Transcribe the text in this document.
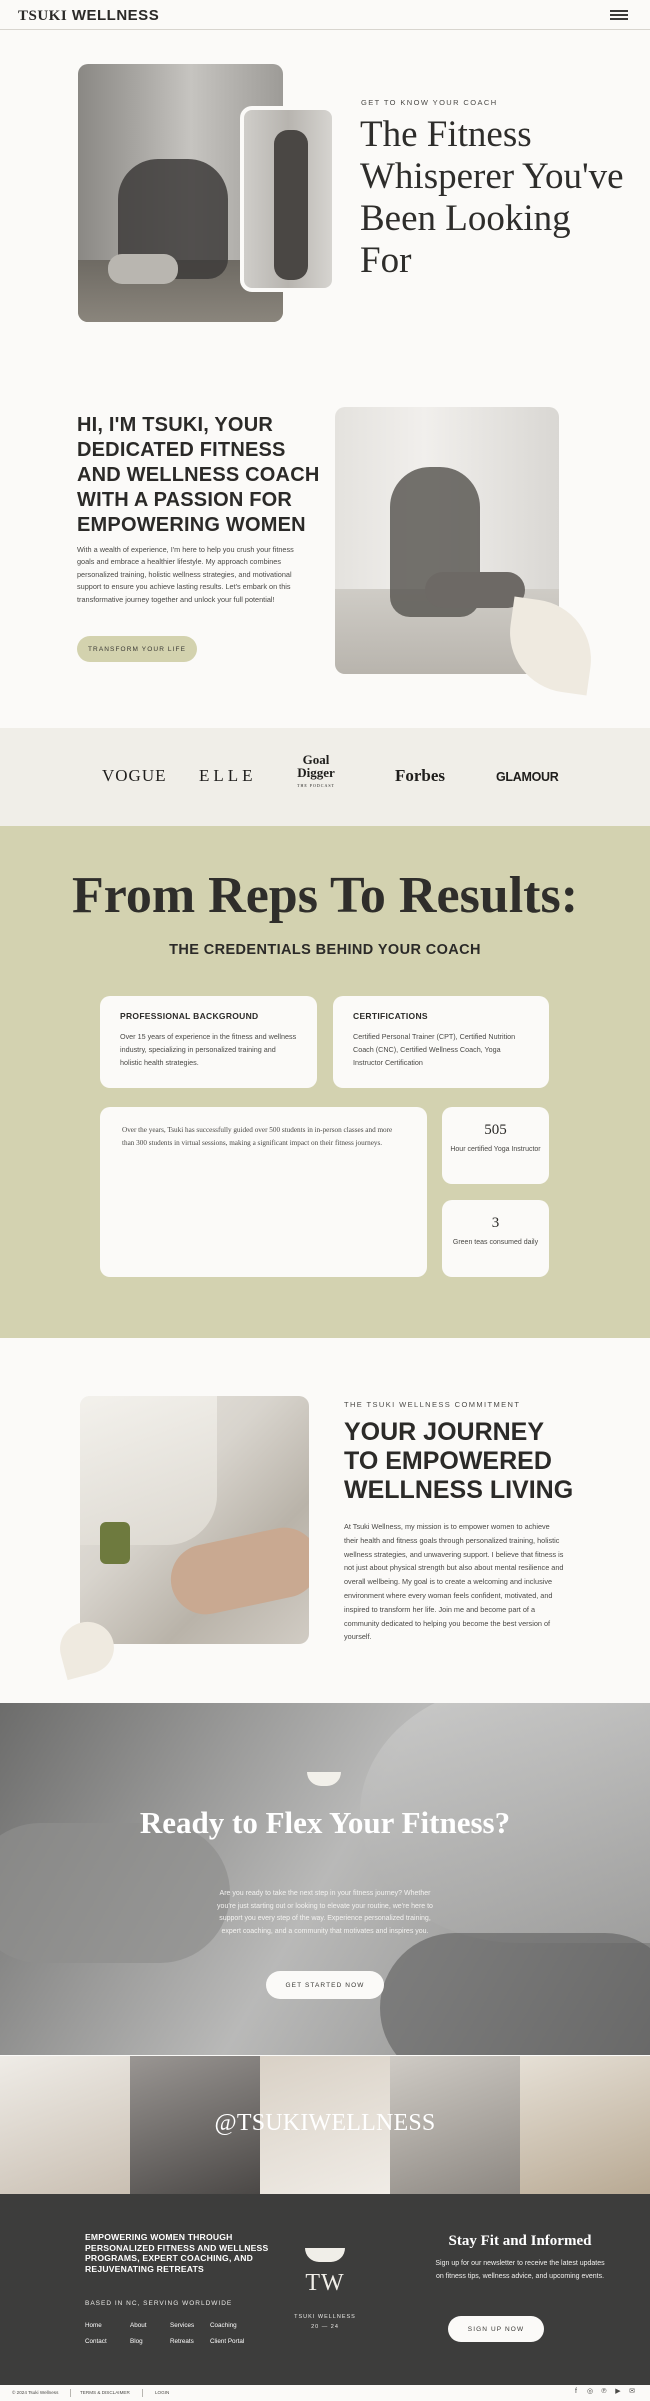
TSUKI WELLNESS
GET TO KNOW YOUR COACH
The Fitness Whisperer You've Been Looking For
HI, I'M TSUKI, YOUR DEDICATED FITNESS AND WELLNESS COACH WITH A PASSION FOR EMPOWERING WOMEN

With a wealth of experience, I'm here to help you crush your fitness goals and embrace a healthier lifestyle. My approach combines personalized training, holistic wellness strategies, and motivational support to ensure you achieve lasting results. Let's embark on this transformative journey together and unlock your full potential!

TRANSFORM YOUR LIFE
VOGUE ELLE
Goal
Digger
THE PODCAST
Forbes	GLAMOUR
From Reps To Results:
THE CREDENTIALS BEHIND YOUR COACH
PROFESSIONAL BACKGROUND

Over 15 years of experience in the fitness and wellness industry, specializing in personalized training and holistic health strategies.

CERTIFICATIONS

Certified Personal Trainer (CPT), Certified Nutrition Coach (CNC), Certified Wellness Coach, Yoga Instructor Certification

Over the years, Tsuki has successfully guided over 500 students in in-person classes and more than 300 students in virtual sessions, making a significant impact on their fitness journeys.

505
Hour certified Yoga Instructor
3
Green teas consumed daily
THE TSUKI WELLNESS COMMITMENT
YOUR JOURNEY TO EMPOWERED WELLNESS LIVING

At Tsuki Wellness, my mission is to empower women to achieve their health and fitness goals through personalized training, holistic wellness strategies, and unwavering support. I believe that fitness is not just about physical strength but also about mental resilience and overall wellbeing. My goal is to create a welcoming and inclusive environment where every woman feels confident, motivated, and inspired to transform her life. Join me and become part of a community dedicated to helping you become the best version of yourself.

Ready to Flex Your Fitness?

Are you ready to take the next step in your fitness journey? Whether you're just starting out or looking to elevate your routine, we're here to support you every step of the way. Experience personalized training, expert coaching, and a community that motivates and inspires you.

GET STARTED NOW
@TSUKIWELLNESS

EMPOWERING WOMEN THROUGH PERSONALIZED FITNESS AND WELLNESS PROGRAMS, EXPERT COACHING, AND REJUVENATING RETREATS

BASED IN NC, SERVING WORLDWIDE
Home	About	Services	Coaching
Contact	Blog	Retreats	Client Portal
TW
TSUKI WELLNESS
20 — 24
Stay Fit and Informed

Sign up for our newsletter to receive the latest updates on fitness tips, wellness advice, and upcoming events.

SIGN UP NOW
© 2024 Tsuki Wellness	TERMS & DISCLAIMER	LOGIN	f	◎ ℗ ▶ ✉
